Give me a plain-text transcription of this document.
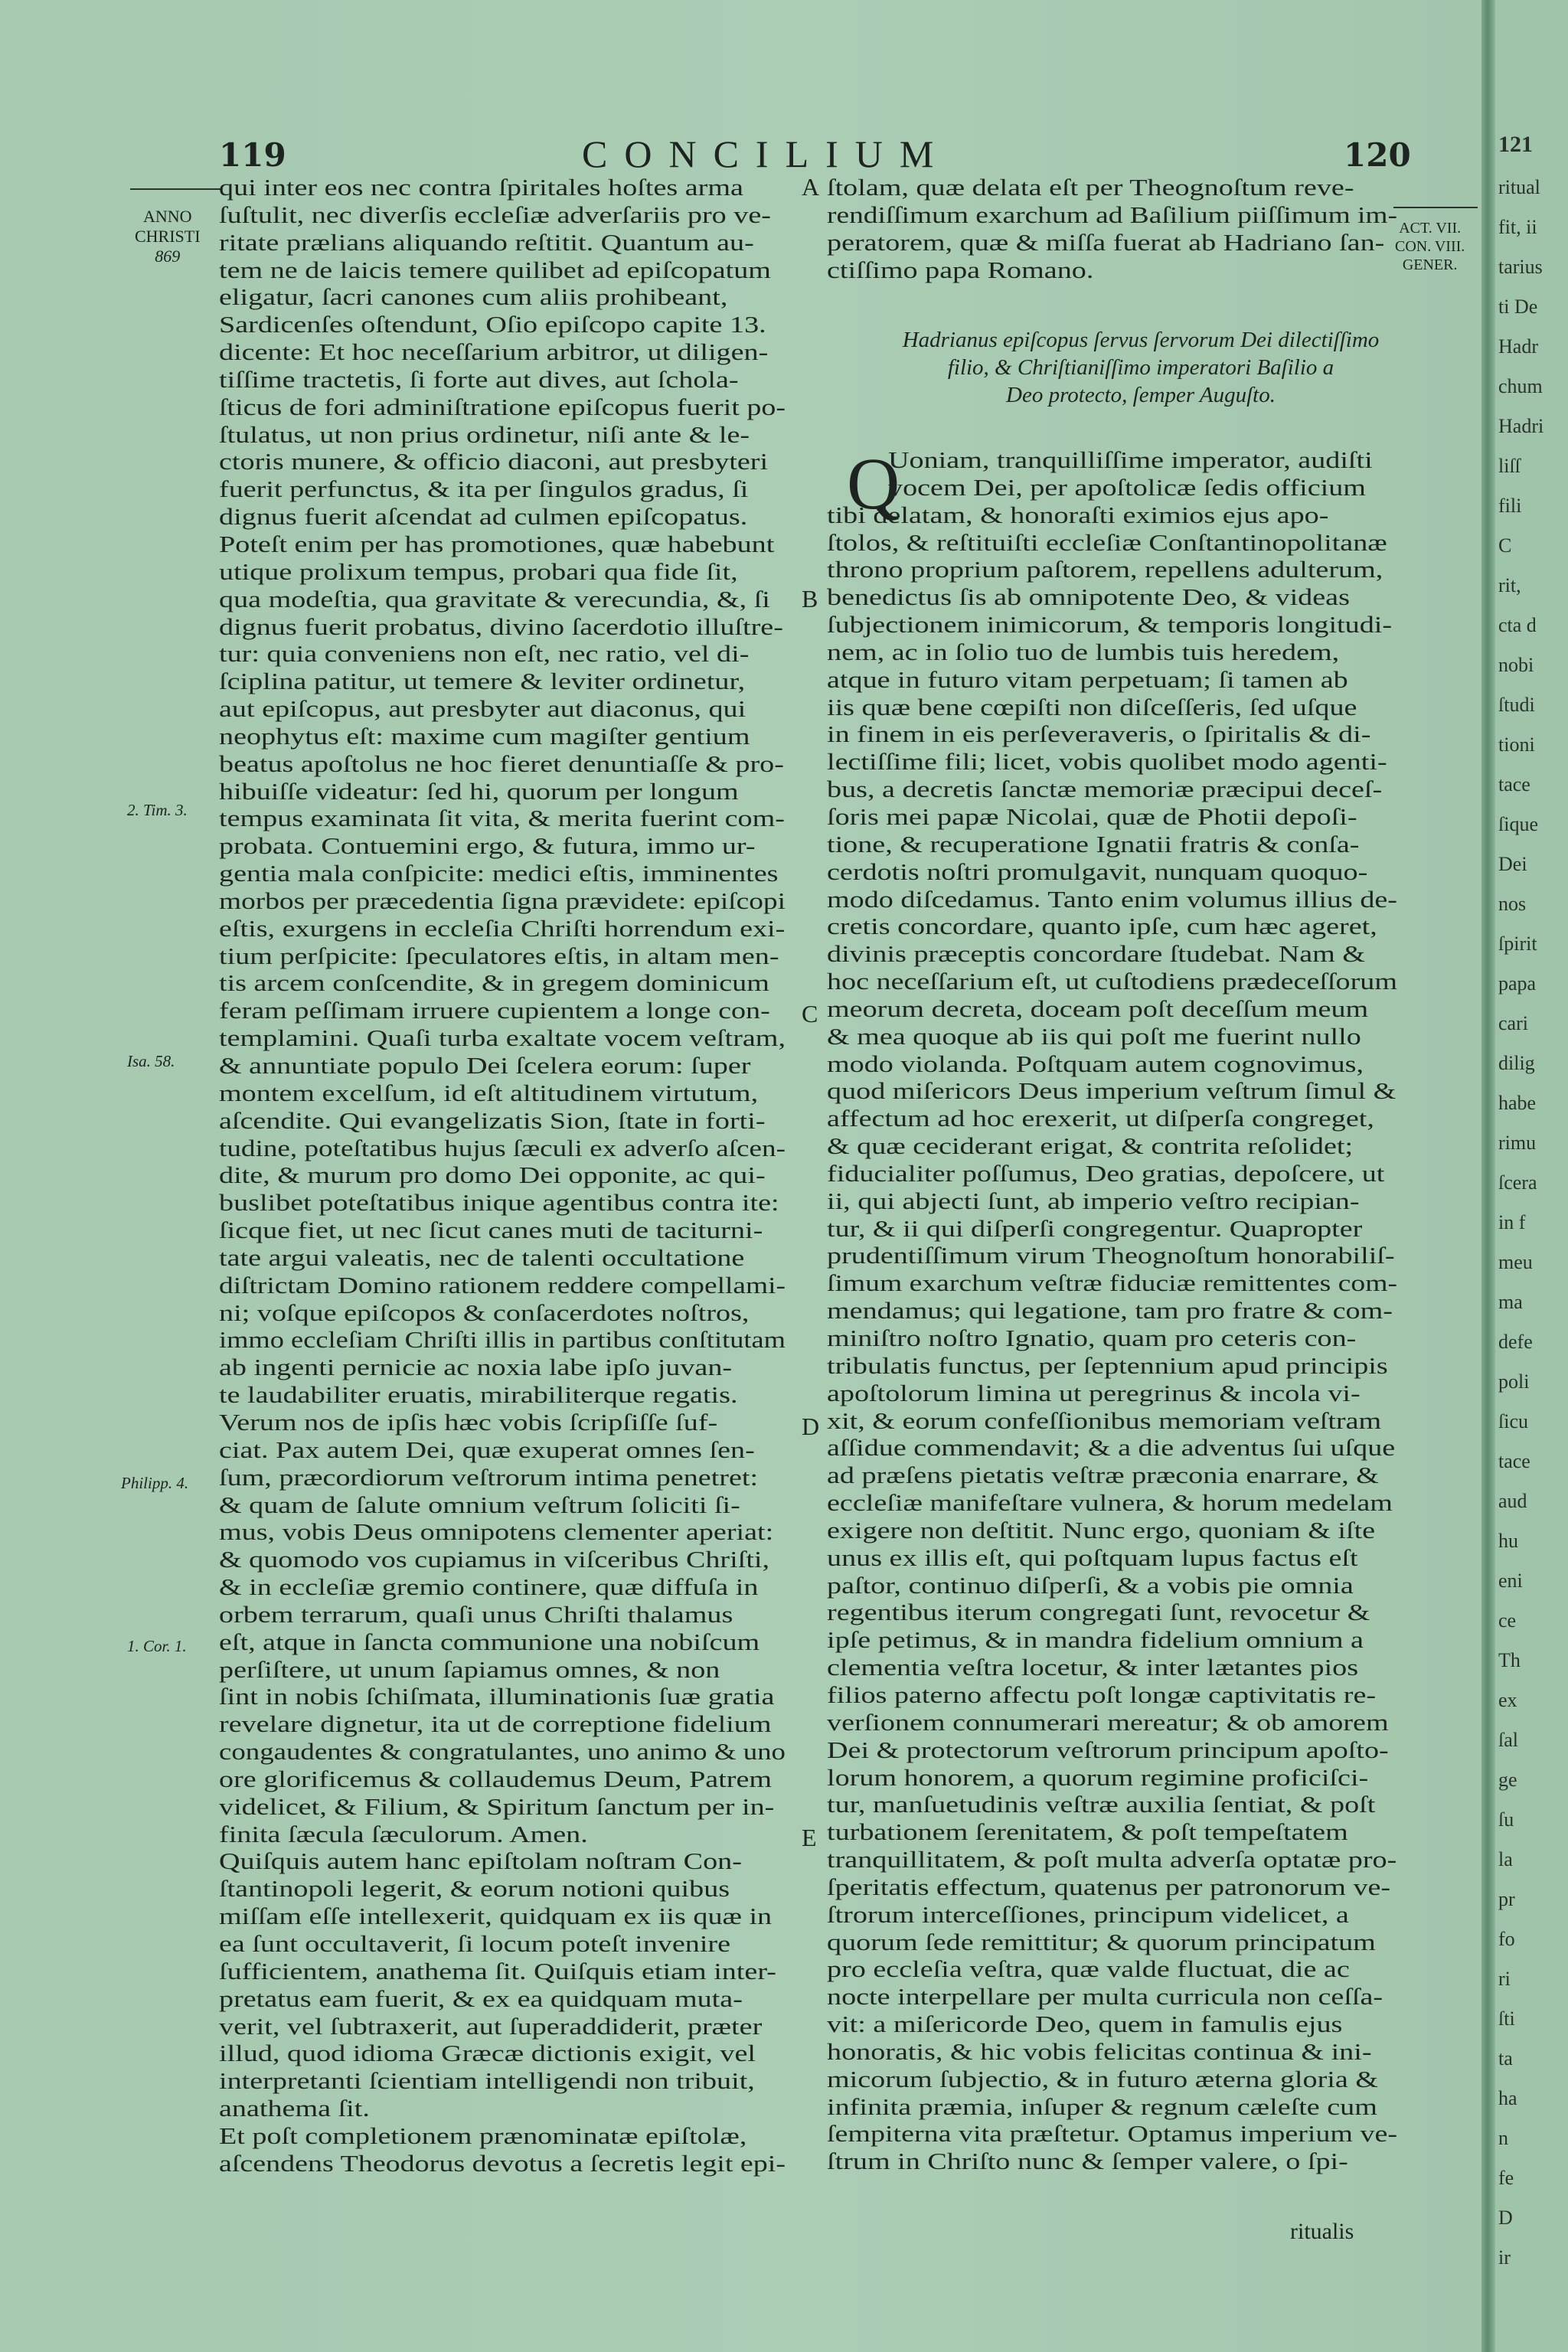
119	CONCILIUM	120
ANNO
CHRISTI
869
2. Tim. 3.
Isa. 58.
Philipp. 4.
1. Cor. 1.
ACT. VII.
CON. VIII.
GENER.
A
B
C
D
E
qui inter eos nec contra ſpiritales hoſtes arma
ſuſtulit, nec diverſis eccleſiæ adverſariis pro ve-
ritate prælians aliquando reſtitit. Quantum au-
tem ne de laicis temere quilibet ad epiſcopatum
eligatur, ſacri canones cum aliis prohibeant,
Sardicenſes oſtendunt, Oſio epiſcopo capite 13.
dicente: Et hoc neceſſarium arbitror, ut diligen-
tiſſime tractetis, ſi forte aut dives, aut ſchola-
ſticus de fori adminiſtratione epiſcopus fuerit po-
ſtulatus, ut non prius ordinetur, niſi ante & le-
ctoris munere, & officio diaconi, aut presbyteri
fuerit perfunctus, & ita per ſingulos gradus, ſi
dignus fuerit aſcendat ad culmen epiſcopatus.
Poteſt enim per has promotiones, quæ habebunt
utique prolixum tempus, probari qua fide ſit,
qua modeſtia, qua gravitate & verecundia, &, ſi
dignus fuerit probatus, divino ſacerdotio illuſtre-
tur: quia conveniens non eſt, nec ratio, vel di-
ſciplina patitur, ut temere & leviter ordinetur,
aut epiſcopus, aut presbyter aut diaconus, qui
neophytus eſt: maxime cum magiſter gentium
beatus apoſtolus ne hoc fieret denuntiaſſe & pro-
hibuiſſe videatur: ſed hi, quorum per longum
tempus examinata ſit vita, & merita fuerint com-
probata. Contuemini ergo, & futura, immo ur-
gentia mala conſpicite: medici eſtis, imminentes
morbos per præcedentia ſigna prævidete: epiſcopi
eſtis, exurgens in eccleſia Chriſti horrendum exi-
tium perſpicite: ſpeculatores eſtis, in altam men-
tis arcem conſcendite, & in gregem dominicum
feram peſſimam irruere cupientem a longe con-
templamini. Quaſi turba exaltate vocem veſtram,
& annuntiate populo Dei ſcelera eorum: ſuper
montem excelſum, id eſt altitudinem virtutum,
aſcendite. Qui evangelizatis Sion, ſtate in forti-
tudine, poteſtatibus hujus ſæculi ex adverſo aſcen-
dite, & murum pro domo Dei opponite, ac qui-
buslibet poteſtatibus inique agentibus contra ite:
ſicque fiet, ut nec ſicut canes muti de taciturni-
tate argui valeatis, nec de talenti occultatione
diſtrictam Domino rationem reddere compellami-
ni; voſque epiſcopos & conſacerdotes noſtros,
immo eccleſiam Chriſti illis in partibus conſtitutam
ab ingenti pernicie ac noxia labe ipſo juvan-
te laudabiliter eruatis, mirabiliterque regatis.
Verum nos de ipſis hæc vobis ſcripſiſſe ſuf-
ciat. Pax autem Dei, quæ exuperat omnes ſen-
ſum, præcordiorum veſtrorum intima penetret:
& quam de ſalute omnium veſtrum ſoliciti ſi-
mus, vobis Deus omnipotens clementer aperiat:
& quomodo vos cupiamus in viſceribus Chriſti,
& in eccleſiæ gremio continere, quæ diffuſa in
orbem terrarum, quaſi unus Chriſti thalamus
eſt, atque in ſancta communione una nobiſcum
perſiſtere, ut unum ſapiamus omnes, & non
ſint in nobis ſchiſmata, illuminationis ſuæ gratia
revelare dignetur, ita ut de correptione fidelium
congaudentes & congratulantes, uno animo & uno
ore glorificemus & collaudemus Deum, Patrem
videlicet, & Filium, & Spiritum ſanctum per in-
finita ſæcula ſæculorum. Amen.
Quiſquis autem hanc epiſtolam noſtram Con-
ſtantinopoli legerit, & eorum notioni quibus
miſſam eſſe intellexerit, quidquam ex iis quæ in
ea ſunt occultaverit, ſi locum poteſt invenire
ſufficientem, anathema ſit. Quiſquis etiam inter-
pretatus eam fuerit, & ex ea quidquam muta-
verit, vel ſubtraxerit, aut ſuperaddiderit, præter
illud, quod idioma Græcæ dictionis exigit, vel
interpretanti ſcientiam intelligendi non tribuit,
anathema ſit.
Et poſt completionem prænominatæ epiſtolæ,
aſcendens Theodorus devotus a ſecretis legit epi-
ſtolam, quæ delata eſt per Theognoſtum reve-
rendiſſimum exarchum ad Baſilium piiſſimum im-
peratorem, quæ & miſſa fuerat ab Hadriano ſan-
ctiſſimo papa Romano.
Hadrianus epiſcopus ſervus ſervorum Dei dilectiſſimo
filio, & Chriſtianiſſimo imperatori Baſilio a
Deo protecto, ſemper Auguſto.
Q
Uoniam, tranquilliſſime imperator, audiſti
vocem Dei, per apoſtolicæ ſedis officium
tibi delatam, & honoraſti eximios ejus apo-
ſtolos, & reſtituiſti eccleſiæ Conſtantinopolitanæ
throno proprium paſtorem, repellens adulterum,
benedictus ſis ab omnipotente Deo, & videas
ſubjectionem inimicorum, & temporis longitudi-
nem, ac in ſolio tuo de lumbis tuis heredem,
atque in futuro vitam perpetuam; ſi tamen ab
iis quæ bene cœpiſti non diſceſſeris, ſed uſque
in finem in eis perſeveraveris, o ſpiritalis & di-
lectiſſime fili; licet, vobis quolibet modo agenti-
bus, a decretis ſanctæ memoriæ præcipui deceſ-
ſoris mei papæ Nicolai, quæ de Photii depoſi-
tione, & recuperatione Ignatii fratris & conſa-
cerdotis noſtri promulgavit, nunquam quoquo-
modo diſcedamus. Tanto enim volumus illius de-
cretis concordare, quanto ipſe, cum hæc ageret,
divinis præceptis concordare ſtudebat. Nam &
hoc neceſſarium eſt, ut cuſtodiens prædeceſſorum
meorum decreta, doceam poſt deceſſum meum
& mea quoque ab iis qui poſt me fuerint nullo
modo violanda. Poſtquam autem cognovimus,
quod miſericors Deus imperium veſtrum ſimul &
affectum ad hoc erexerit, ut diſperſa congreget,
& quæ ceciderant erigat, & contrita reſolidet;
fiducialiter poſſumus, Deo gratias, depoſcere, ut
ii, qui abjecti ſunt, ab imperio veſtro recipian-
tur, & ii qui diſperſi congregentur. Quapropter
prudentiſſimum virum Theognoſtum honorabiliſ-
ſimum exarchum veſtræ fiduciæ remittentes com-
mendamus; qui legatione, tam pro fratre & com-
miniſtro noſtro Ignatio, quam pro ceteris con-
tribulatis functus, per ſeptennium apud principis
apoſtolorum limina ut peregrinus & incola vi-
xit, & eorum confeſſionibus memoriam veſtram
aſſidue commendavit; & a die adventus ſui uſque
ad præſens pietatis veſtræ præconia enarrare, &
eccleſiæ manifeſtare vulnera, & horum medelam
exigere non deſtitit. Nunc ergo, quoniam & iſte
unus ex illis eſt, qui poſtquam lupus factus eſt
paſtor, continuo diſperſi, & a vobis pie omnia
regentibus iterum congregati ſunt, revocetur &
ipſe petimus, & in mandra fidelium omnium a
clementia veſtra locetur, & inter lætantes pios
filios paterno affectu poſt longæ captivitatis re-
verſionem connumerari mereatur; & ob amorem
Dei & protectorum veſtrorum principum apoſto-
lorum honorem, a quorum regimine proficiſci-
tur, manſuetudinis veſtræ auxilia ſentiat, & poſt
turbationem ſerenitatem, & poſt tempeſtatem
tranquillitatem, & poſt multa adverſa optatæ pro-
ſperitatis effectum, quatenus per patronorum ve-
ſtrorum interceſſiones, principum videlicet, a
quorum ſede remittitur; & quorum principatum
pro eccleſia veſtra, quæ valde fluctuat, die ac
nocte interpellare per multa curricula non ceſſa-
vit: a miſericorde Deo, quem in famulis ejus
honoratis, & hic vobis felicitas continua & ini-
micorum ſubjectio, & in futuro æterna gloria &
infinita præmia, inſuper & regnum cæleſte cum
ſempiterna vita præſtetur. Optamus imperium ve-
ſtrum in Chriſto nunc & ſemper valere, o ſpi-
ritualis
121
ritual
fit, ii
tarius
ti De
Hadr
chum
Hadri
liſſ
fili
C
rit,
cta d
nobi
ſtudi
tioni
tace
ſique
Dei
nos
ſpirit
papa
cari
dilig
habe
rimu
ſcera
in f
meu
ma
defe
poli
ſicu
tace
aud
hu
eni
ce
Th
ex
ſal
ge
ſu
la
pr
fo
ri
ſti
ta
ha
n
fe
D
ir
